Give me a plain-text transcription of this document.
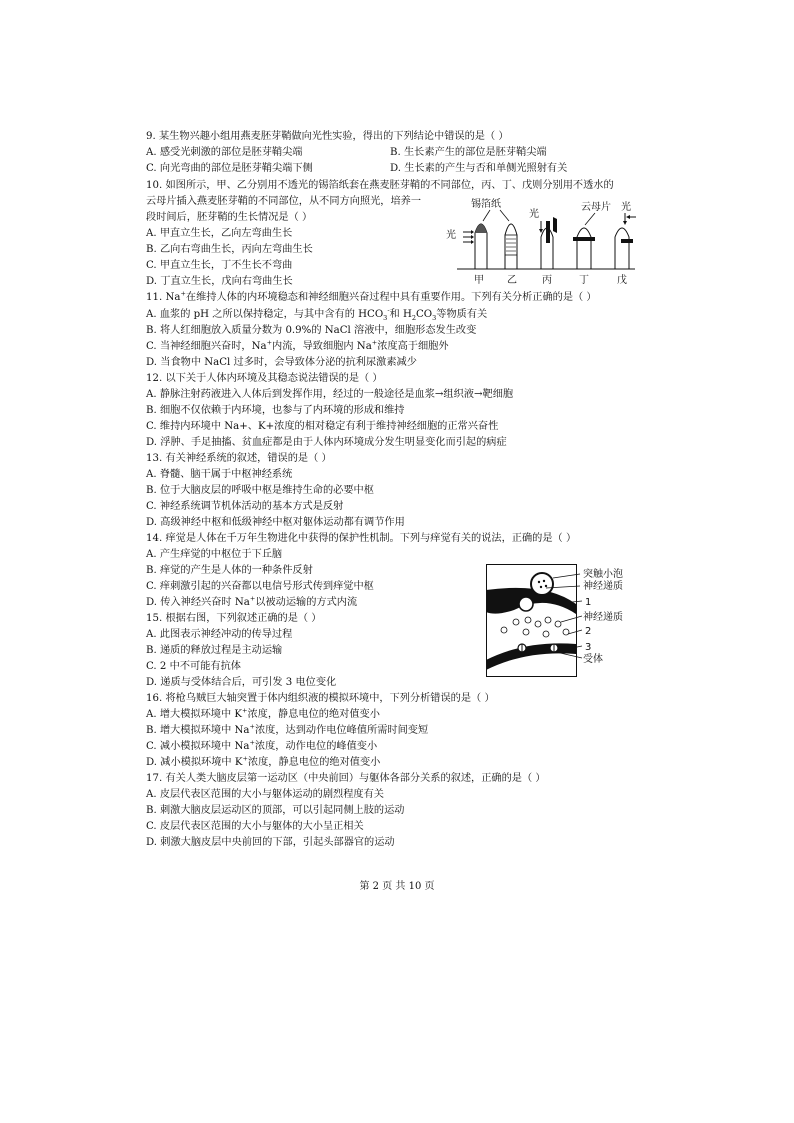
9. 某生物兴趣小组用燕麦胚芽鞘做向光性实验，得出的下列结论中错误的是（ ）
A. 感受光刺激的部位是胚芽鞘尖端	B. 生长素产生的部位是胚芽鞘尖端
C. 向光弯曲的部位是胚芽鞘尖端下侧	D. 生长素的产生与否和单侧光照射有关
10. 如图所示，甲、乙分别用不透光的锡箔纸套在燕麦胚芽鞘的不同部位，丙、丁、戊则分别用不透水的
云母片插入燕麦胚芽鞘的不同部位，从不同方向照光，培养一
段时间后，胚芽鞘的生长情况是（ ）
A. 甲直立生长，乙向左弯曲生长
B. 乙向右弯曲生长，丙向左弯曲生长
C. 甲直立生长，丁不生长不弯曲
D. 丁直立生长，戊向右弯曲生长
锡箔纸	云母片
光
光
光
甲 乙	丙	丁	戊
11. Na+在维持人体的内环境稳态和神经细胞兴奋过程中具有重要作用。下列有关分析正确的是（ ）
A. 血浆的 pH 之所以保持稳定，与其中含有的 $HCO_3^-$和 $H_2CO_3$等物质有关
B. 将人红细胞放入质量分数为 0.9%的 NaCl 溶液中，细胞形态发生改变
C. 当神经细胞兴奋时，Na+内流，导致细胞内 Na+浓度高于细胞外
D. 当食物中 NaCl 过多时，会导致体分泌的抗利尿激素减少
12. 以下关于人体内环境及其稳态说法错误的是（ ）
A. 静脉注射药液进入人体后到发挥作用，经过的一般途径是血浆→组织液→靶细胞
B. 细胞不仅依赖于内环境，也参与了内环境的形成和维持
C. 维持内环境中 Na+、K+浓度的相对稳定有利于维持神经细胞的正常兴奋性
D. 浮肿、手足抽搐、贫血症都是由于人体内环境成分发生明显变化而引起的病症
13. 有关神经系统的叙述，错误的是（ ）
A. 脊髓、脑干属于中枢神经系统
B. 位于大脑皮层的呼吸中枢是维持生命的必要中枢
C. 神经系统调节机体活动的基本方式是反射
D. 高级神经中枢和低级神经中枢对躯体运动都有调节作用
14. 痒觉是人体在千万年生物进化中获得的保护性机制。下列与痒觉有关的说法，正确的是（ ）
A. 产生痒觉的中枢位于下丘脑
B. 痒觉的产生是人体的一种条件反射
C. 痒刺激引起的兴奋都以电信号形式传到痒觉中枢
D. 传入神经兴奋时 Na+以被动运输的方式内流
15. 根据右图，下列叙述正确的是（ ）
A. 此图表示神经冲动的传导过程
B. 递质的释放过程是主动运输
C. 2 中不可能有抗体
D. 递质与受体结合后，可引发 3 电位变化
突触小泡
神经递质
1
神经递质
2
3
受体
16. 将枪乌贼巨大轴突置于体内组织液的模拟环境中，下列分析错误的是（ ）
A. 增大模拟环境中 K+浓度，静息电位的绝对值变小
B. 增大模拟环境中 Na+浓度，达到动作电位峰值所需时间变短
C. 减小模拟环境中 Na+浓度，动作电位的峰值变小
D. 减小模拟环境中 K+浓度，静息电位的绝对值变小
17. 有关人类大脑皮层第一运动区（中央前回）与躯体各部分关系的叙述，正确的是（ ）
A. 皮层代表区范围的大小与躯体运动的剧烈程度有关
B. 刺激大脑皮层运动区的顶部，可以引起同侧上肢的运动
C. 皮层代表区范围的大小与躯体的大小呈正相关
D. 刺激大脑皮层中央前回的下部，引起头部器官的运动
第 2 页 共 10 页
